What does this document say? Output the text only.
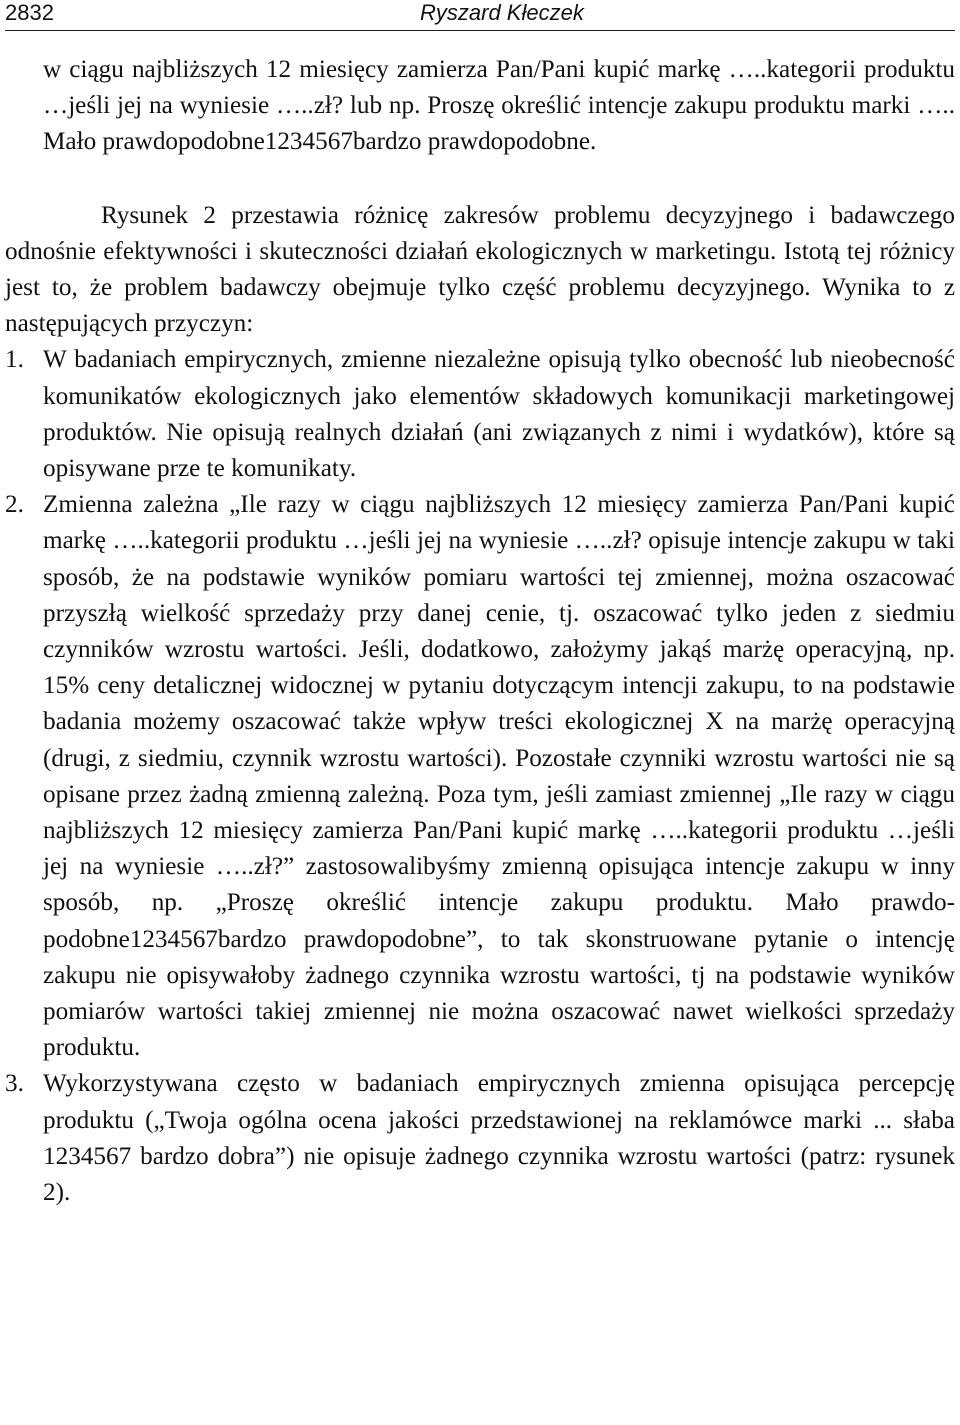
2832	Ryszard Kłeczek

w ciągu najbliższych 12 miesięcy zamierza Pan/Pani kupić markę …..kategorii produktu …jeśli jej na wyniesie …..zł? lub np. Proszę określić intencje zakupu produktu marki ….. Mało prawdopodobne1234567bardzo prawdopodobne.

Rysunek 2 przestawia różnicę zakresów problemu decyzyjnego i badawczego odnośnie efektywności i skuteczności działań ekologicznych w marketingu. Istotą tej różnicy jest to, że problem badawczy obejmuje tylko część problemu decyzyjnego. Wynika to z następujących przyczyn:

1. W badaniach empirycznych, zmienne niezależne opisują tylko obecność lub nieobecność komunikatów ekologicznych jako elementów składowych komunikacji marketingowej produktów. Nie opisują realnych działań (ani związanych z nimi i wydatków), które są opisywane prze te komunikaty.
2. Zmienna zależna „Ile razy w ciągu najbliższych 12 miesięcy zamierza Pan/Pani kupić markę …..kategorii produktu …jeśli jej na wyniesie …..zł? opisuje intencje zakupu w taki sposób, że na podstawie wyników pomiaru wartości tej zmiennej, można oszacować przyszłą wielkość sprzedaży przy danej cenie, tj. oszacować tylko jeden z siedmiu czynników wzrostu wartości. Jeśli, dodatkowo, założymy jakąś marżę operacyjną, np. 15% ceny detalicznej widocznej w pytaniu dotyczącym intencji zakupu, to na podstawie badania możemy oszacować także wpływ treści ekologicznej X na marżę operacyjną (drugi, z siedmiu, czynnik wzrostu wartości). Pozostałe czynniki wzrostu wartości nie są opisane przez żadną zmienną zależną. Poza tym, jeśli zamiast zmiennej „Ile razy w ciągu najbliższych 12 miesięcy zamierza Pan/Pani kupić markę …..kategorii produktu …jeśli jej na wyniesie …..zł?” zastosowalibyśmy zmienną opisująca intencje zakupu w inny sposób, np. „Proszę określić intencje zakupu produktu. Mało prawdopodobne1234567bardzo prawdopodobne”, to tak skonstruowane pytanie o intencję zakupu nie opisywałoby żadnego czynnika wzrostu wartości, tj na podstawie wyników pomiarów wartości takiej zmiennej nie można oszacować nawet wielkości sprzedaży produktu.
3. Wykorzystywana często w badaniach empirycznych zmienna opisująca percepcję produktu („Twoja ogólna ocena jakości przedstawionej na reklamówce marki ... słaba 1234567 bardzo dobra”) nie opisuje żadnego czynnika wzrostu wartości (patrz: rysunek 2).
